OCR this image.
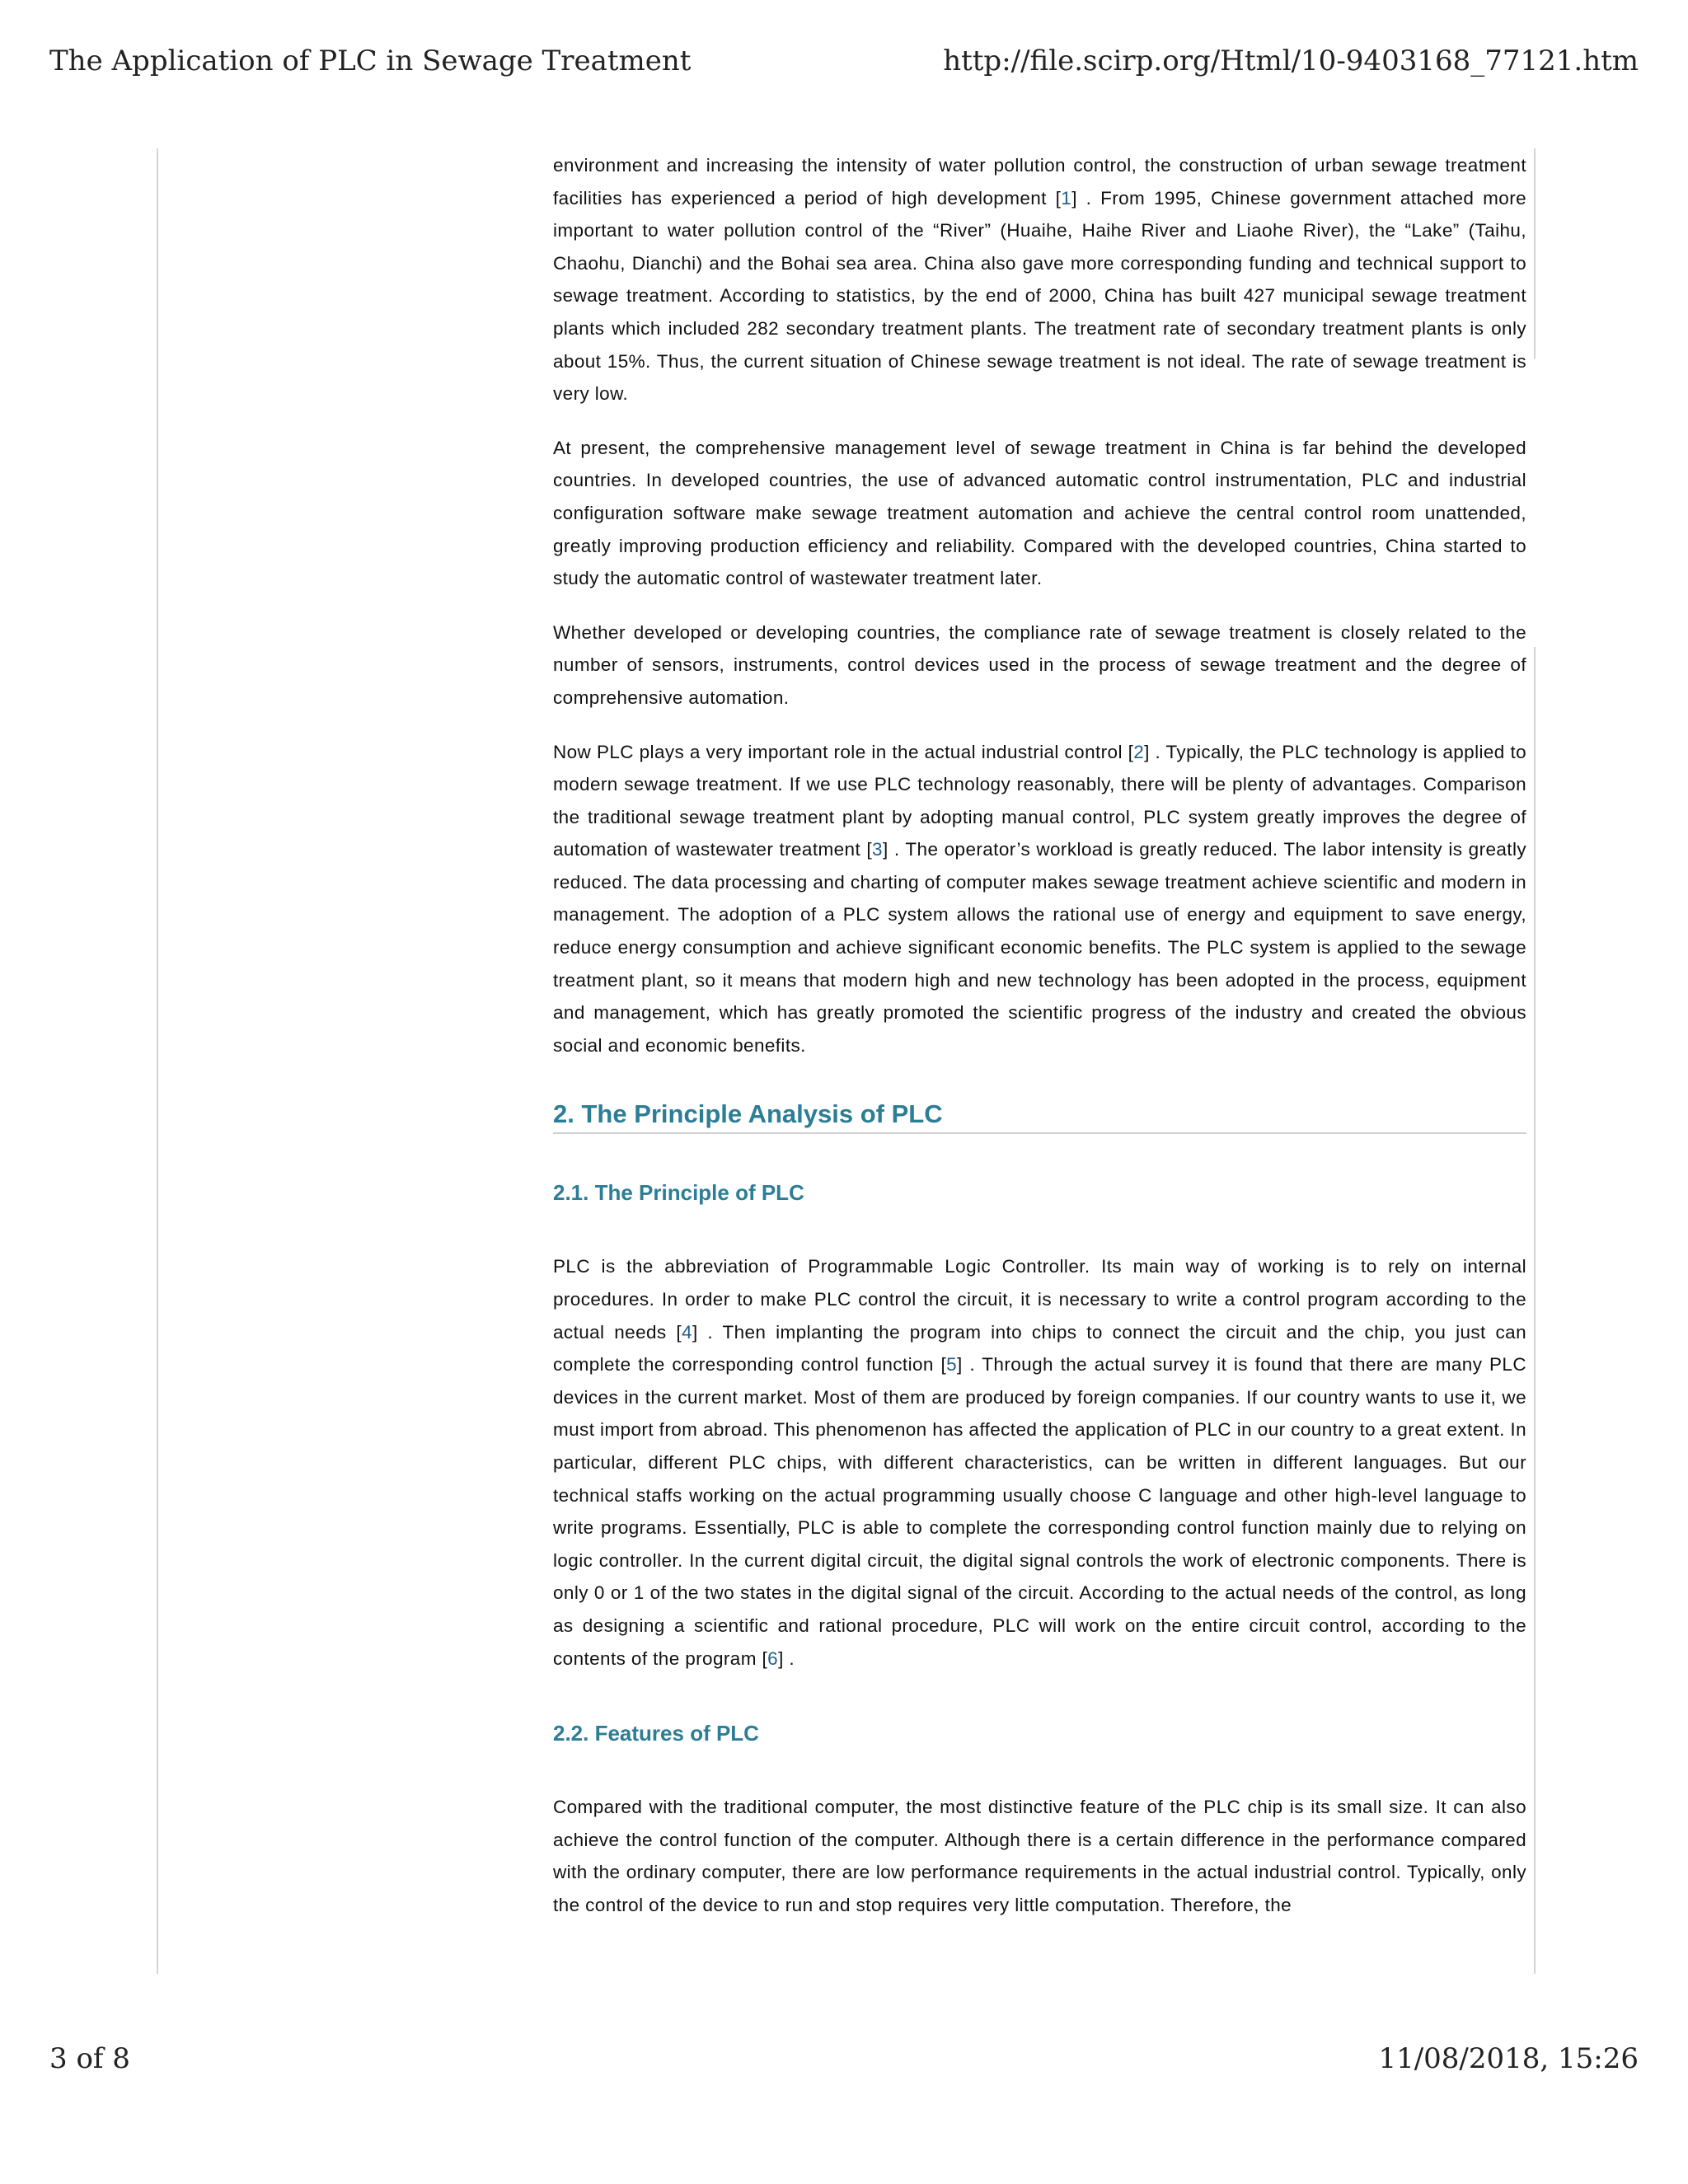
The Application of PLC in Sewage Treatment	http://file.scirp.org/Html/10-9403168_77121.htm

environment and increasing the intensity of water pollution control, the construction of urban sewage treatment facilities has experienced a period of high development [1] . From 1995, Chinese government attached more important to water pollution control of the “River” (Huaihe, Haihe River and Liaohe River), the “Lake” (Taihu, Chaohu, Dianchi) and the Bohai sea area. China also gave more corresponding funding and technical support to sewage treatment. According to statistics, by the end of 2000, China has built 427 municipal sewage treatment plants which included 282 secondary treatment plants. The treatment rate of secondary treatment plants is only about 15%. Thus, the current situation of Chinese sewage treatment is not ideal. The rate of sewage treatment is very low.

At present, the comprehensive management level of sewage treatment in China is far behind the developed countries. In developed countries, the use of advanced automatic control instrumentation, PLC and industrial configuration software make sewage treatment automation and achieve the central control room unattended, greatly improving production efficiency and reliability. Compared with the developed countries, China started to study the automatic control of wastewater treatment later.

Whether developed or developing countries, the compliance rate of sewage treatment is closely related to the number of sensors, instruments, control devices used in the process of sewage treatment and the degree of comprehensive automation.

Now PLC plays a very important role in the actual industrial control [2] . Typically, the PLC technology is applied to modern sewage treatment. If we use PLC technology reasonably, there will be plenty of advantages. Comparison the traditional sewage treatment plant by adopting manual control, PLC system greatly improves the degree of automation of wastewater treatment [3] . The operator’s workload is greatly reduced. The labor intensity is greatly reduced. The data processing and charting of computer makes sewage treatment achieve scientific and modern in management. The adoption of a PLC system allows the rational use of energy and equipment to save energy, reduce energy consumption and achieve significant economic benefits. The PLC system is applied to the sewage treatment plant, so it means that modern high and new technology has been adopted in the process, equipment and management, which has greatly promoted the scientific progress of the industry and created the obvious social and economic benefits.

2. The Principle Analysis of PLC
2.1. The Principle of PLC

PLC is the abbreviation of Programmable Logic Controller. Its main way of working is to rely on internal procedures. In order to make PLC control the circuit, it is necessary to write a control program according to the actual needs [4] . Then implanting the program into chips to connect the circuit and the chip, you just can complete the corresponding control function [5] . Through the actual survey it is found that there are many PLC devices in the current market. Most of them are produced by foreign companies. If our country wants to use it, we must import from abroad. This phenomenon has affected the application of PLC in our country to a great extent. In particular, different PLC chips, with different characteristics, can be written in different languages. But our technical staffs working on the actual programming usually choose C language and other high-level language to write programs. Essentially, PLC is able to complete the corresponding control function mainly due to relying on logic controller. In the current digital circuit, the digital signal controls the work of electronic components. There is only 0 or 1 of the two states in the digital signal of the circuit. According to the actual needs of the control, as long as designing a scientific and rational procedure, PLC will work on the entire circuit control, according to the contents of the program [6] .

2.2. Features of PLC

Compared with the traditional computer, the most distinctive feature of the PLC chip is its small size. It can also achieve the control function of the computer. Although there is a certain difference in the performance compared with the ordinary computer, there are low performance requirements in the actual industrial control. Typically, only the control of the device to run and stop requires very little computation. Therefore, the

3 of 8	11/08/2018, 15:26
